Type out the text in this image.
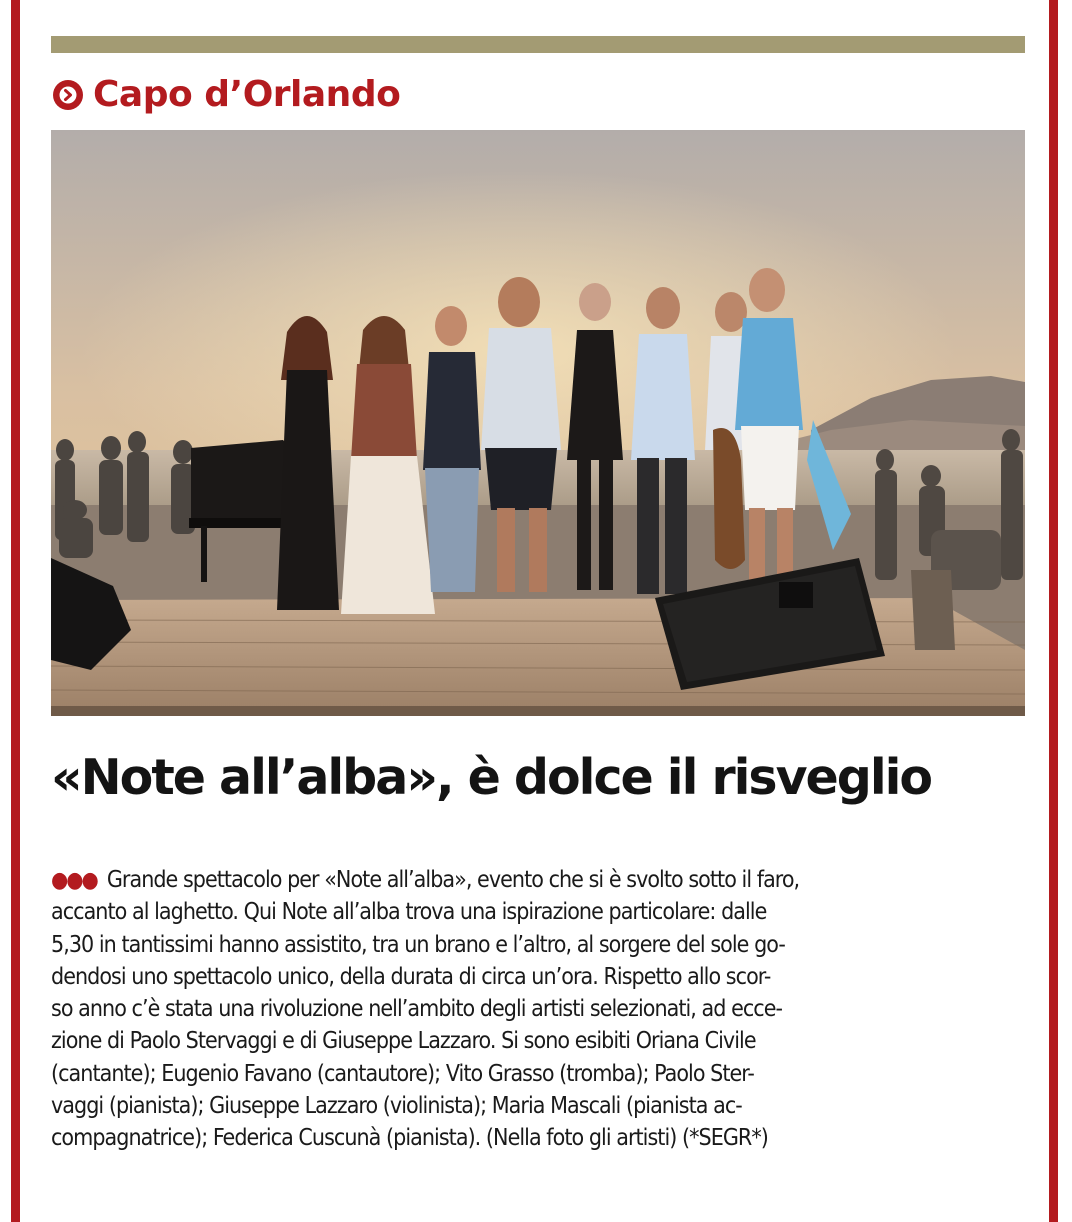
Capo d’Orlando
«Note all’alba», è dolce il risveglio
●●● Grande spettacolo per «Note all’alba», evento che si è svolto sotto il faro,
accanto al laghetto. Qui Note all’alba trova una ispirazione particolare: dalle
5,30 in tantissimi hanno assistito, tra un brano e l’altro, al sorgere del sole go-
dendosi uno spettacolo unico, della durata di circa un’ora. Rispetto allo scor-
so anno c’è stata una rivoluzione nell’ambito degli artisti selezionati, ad ecce-
zione di Paolo Stervaggi e di Giuseppe Lazzaro. Si sono esibiti Oriana Civile
(cantante); Eugenio Favano (cantautore); Vito Grasso (tromba); Paolo Ster-
vaggi (pianista); Giuseppe Lazzaro (violinista); Maria Mascali (pianista ac-
compagnatrice); Federica Cuscunà (pianista). (Nella foto gli artisti) (*SEGR*)
